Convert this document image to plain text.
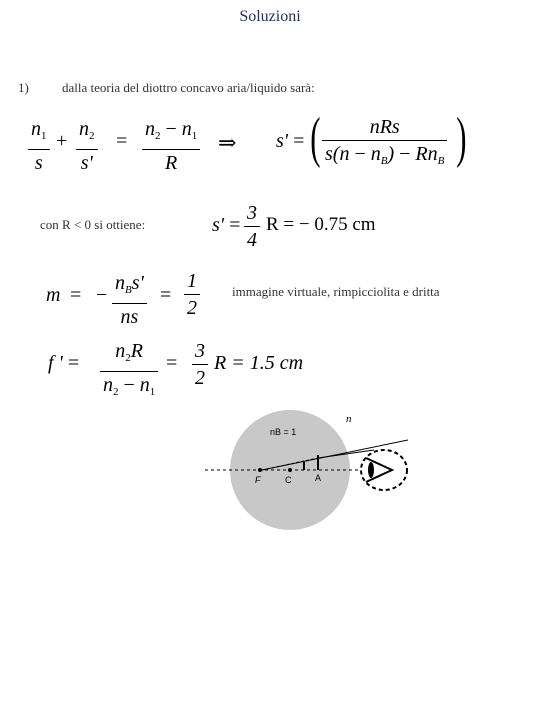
Soluzioni
1)	dalla teoria del diottro concavo aria/liquido sarà:
$n_1$
s
+
$n_2$
s'
=
$n_2 - n_1$
R
⇒ s' = ( nRs
$s(n - n_B) - Rn_B$ )
con R < 0 si ottiene:	s' =
3
4
R = − 0.75 cm
m = −
$n_Bs'$
ns
=
1
2
immagine virtuale, rimpicciolita e dritta
f ' =
$n_2R$
$n_2 - n_1$
=
3
2
R = 1.5 cm
n
nB = 1
F	C	A
